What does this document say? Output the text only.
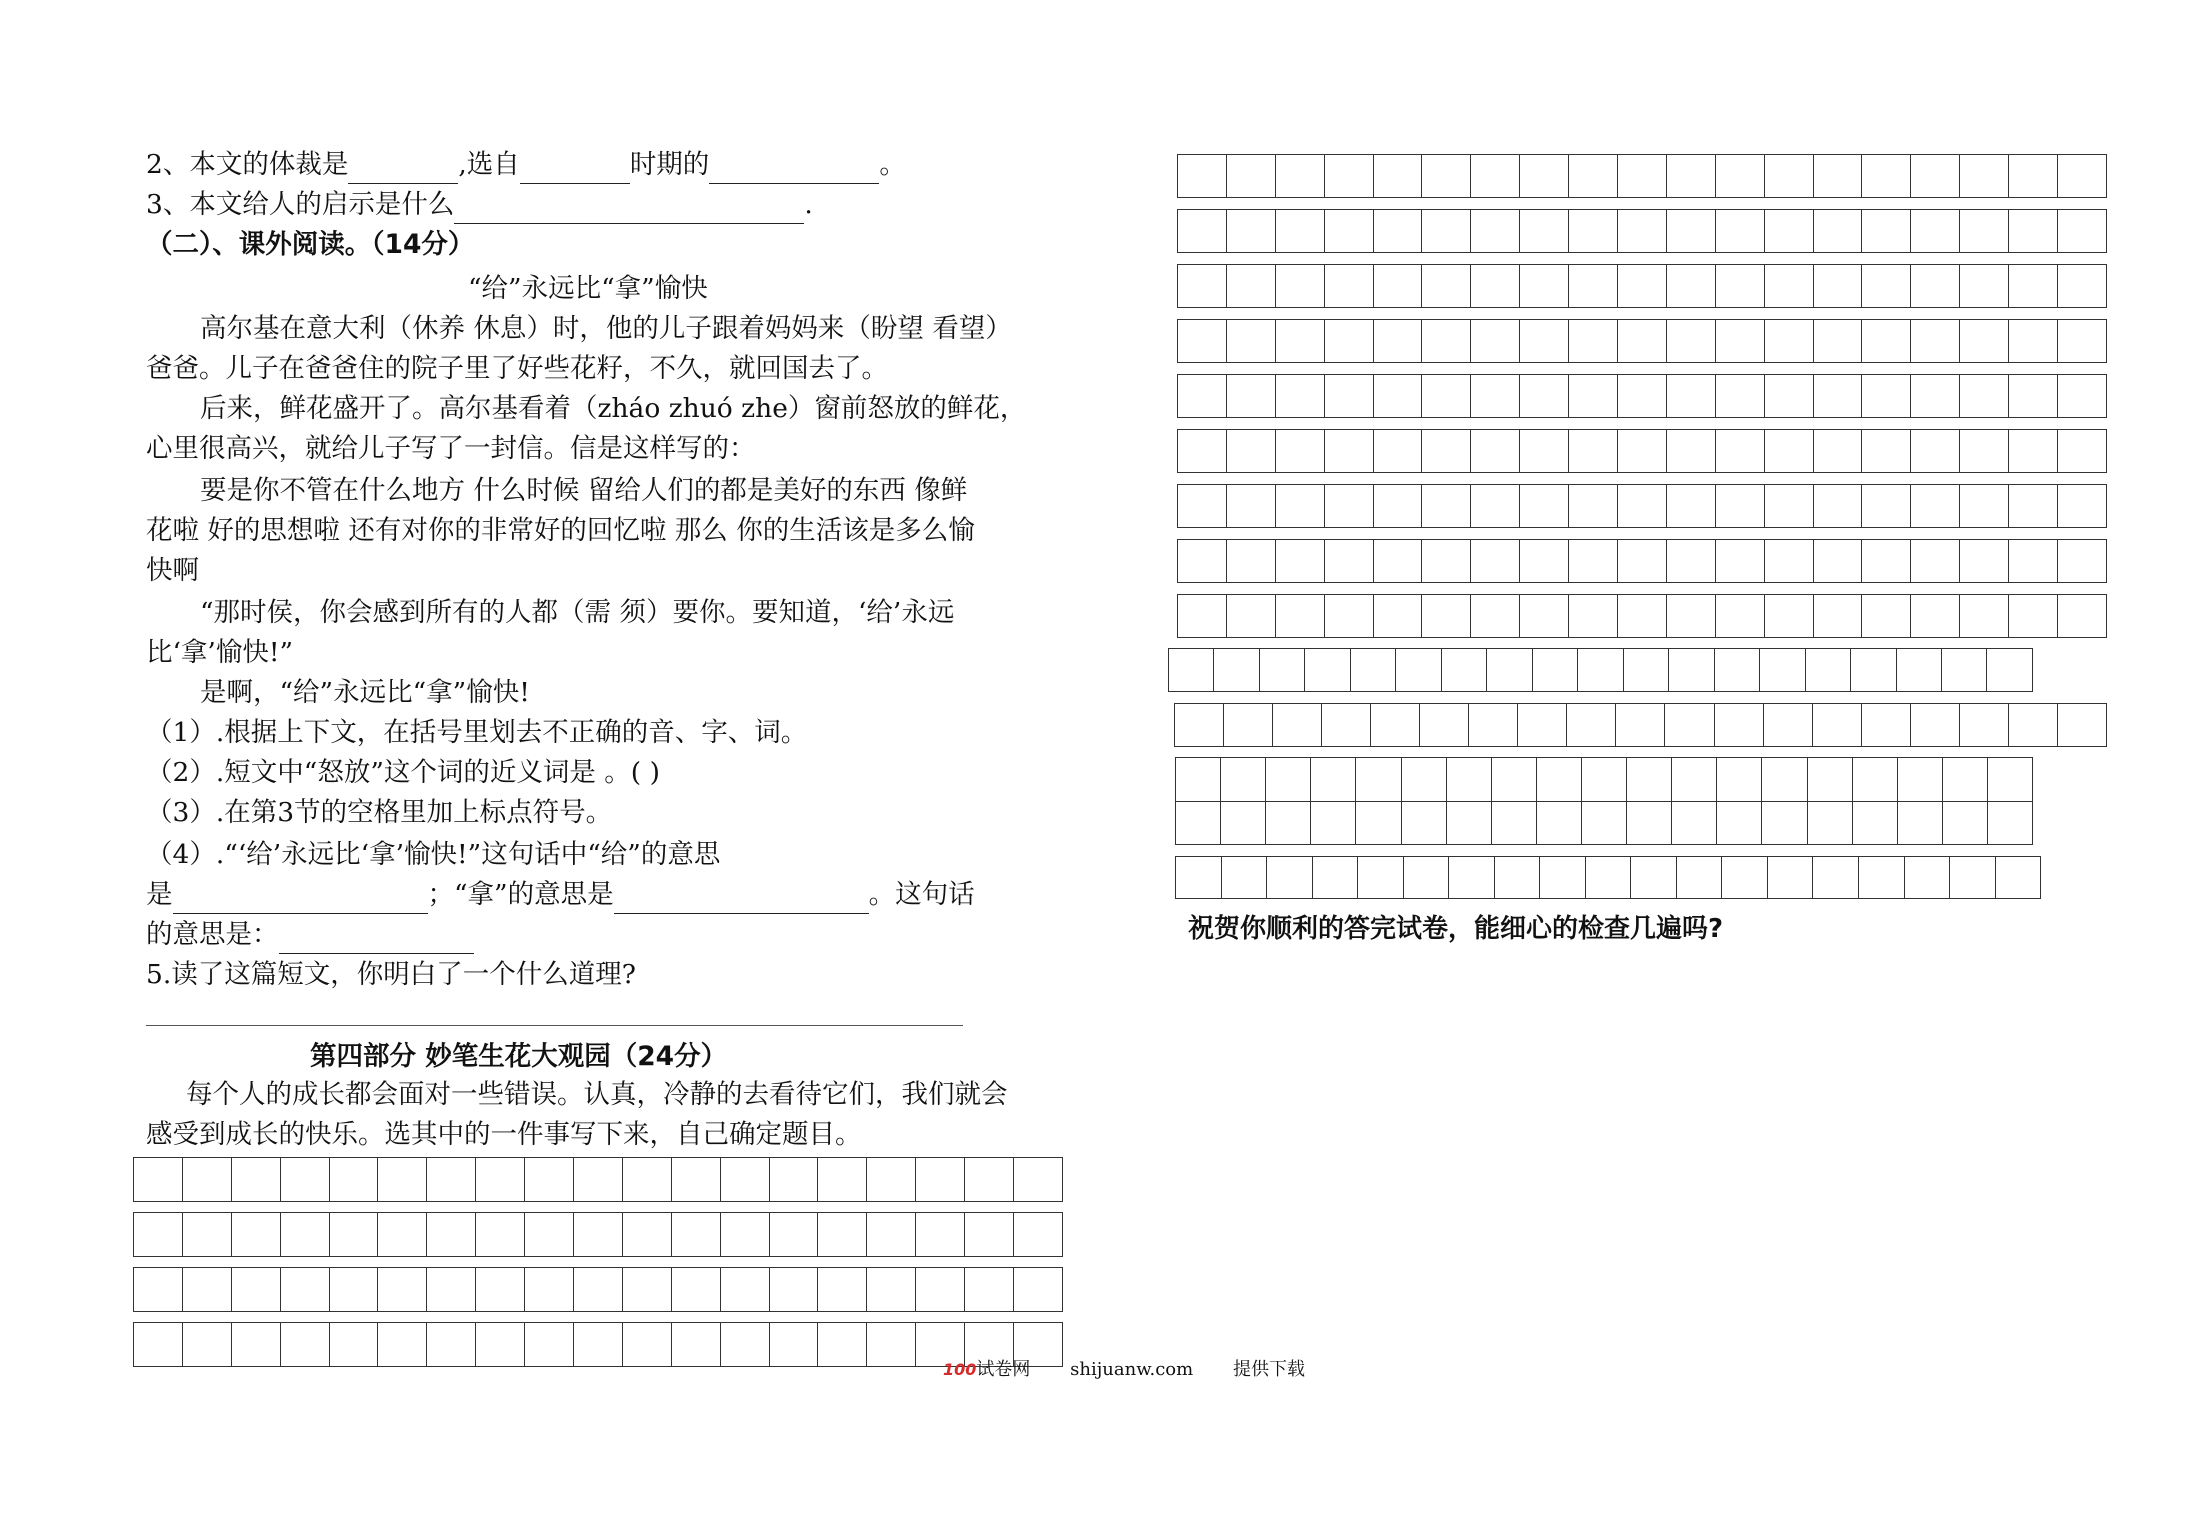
2、本文的体裁是	,选自	时期的	。
3、本文给人的启示是什么	.
（二）、课外阅读。（14分）
“给”永远比“拿”愉快
高尔基在意大利（休养 休息）时，他的儿子跟着妈妈来（盼望 看望）
爸爸。儿子在爸爸住的院子里了好些花籽，不久，就回国去了。
后来，鲜花盛开了。高尔基看着（zháo zhuó zhe）窗前怒放的鲜花，
心里很高兴，就给儿子写了一封信。信是这样写的：
要是你不管在什么地方 什么时候 留给人们的都是美好的东西 像鲜
花啦 好的思想啦 还有对你的非常好的回忆啦 那么 你的生活该是多么愉
快啊
“那时侯，你会感到所有的人都（需 须）要你。要知道，‘给’永远
比‘拿’愉快!”
是啊，“给”永远比“拿”愉快!
（1）.根据上下文，在括号里划去不正确的音、字、词。
（2）.短文中“怒放”这个词的近义词是 。( )
（3）.在第3节的空格里加上标点符号。
（4）.“‘给’永远比‘拿’愉快!”这句话中“给”的意思
是	；“拿”的意思是	。这句话
的意思是：
5.读了这篇短文，你明白了一个什么道理?
第四部分 妙笔生花大观园（24分）
每个人的成长都会面对一些错误。认真，冷静的去看待它们，我们就会
感受到成长的快乐。选其中的一件事写下来，自己确定题目。
祝贺你顺利的答完试卷，能细心的检查几遍吗?
100试卷网 shijuanw.com 提供下载
